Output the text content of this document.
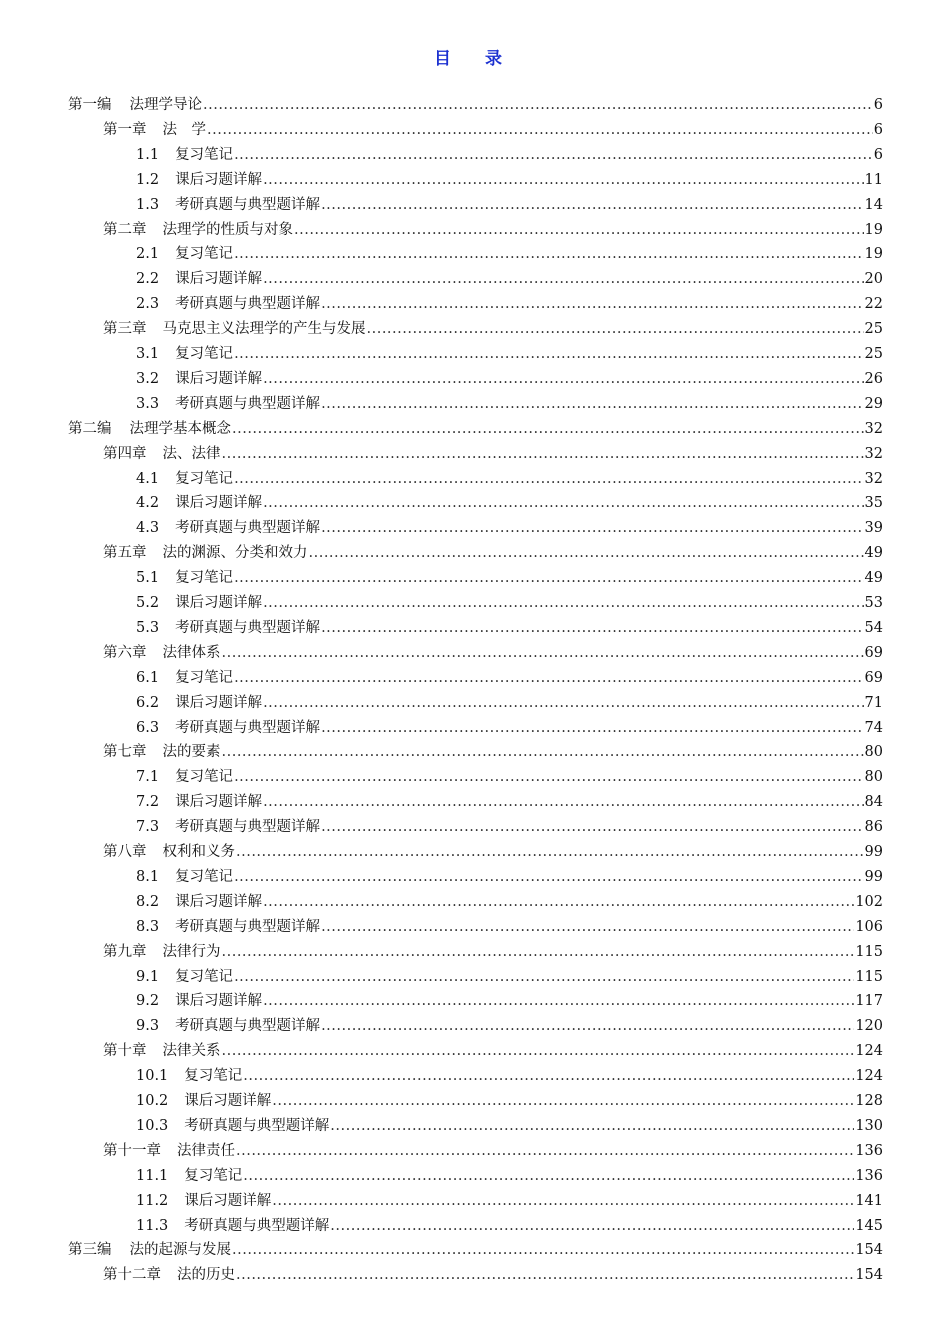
目 录
第一编 法理学导论 .....	6
第一章 法　学 .....	6
1.1 复习笔记 .....	6
1.2 课后习题详解 .....	11
1.3 考研真题与典型题详解 .....	14
第二章 法理学的性质与对象 .....	19
2.1 复习笔记 .....	19
2.2 课后习题详解 .....	20
2.3 考研真题与典型题详解 .....	22
第三章 马克思主义法理学的产生与发展 .....	25
3.1 复习笔记 .....	25
3.2 课后习题详解 .....	26
3.3 考研真题与典型题详解 .....	29
第二编 法理学基本概念 .....	32
第四章 法、法律 .....	32
4.1 复习笔记 .....	32
4.2 课后习题详解 .....	35
4.3 考研真题与典型题详解 .....	39
第五章 法的渊源、分类和效力 .....	49
5.1 复习笔记 .....	49
5.2 课后习题详解 .....	53
5.3 考研真题与典型题详解 .....	54
第六章 法律体系 .....	69
6.1 复习笔记 .....	69
6.2 课后习题详解 .....	71
6.3 考研真题与典型题详解 .....	74
第七章 法的要素 .....	80
7.1 复习笔记 .....	80
7.2 课后习题详解 .....	84
7.3 考研真题与典型题详解 .....	86
第八章 权利和义务 .....	99
8.1 复习笔记 .....	99
8.2 课后习题详解 .....	102
8.3 考研真题与典型题详解 .....	106
第九章 法律行为 .....	115
9.1 复习笔记 .....	115
9.2 课后习题详解 .....	117
9.3 考研真题与典型题详解 .....	120
第十章 法律关系 .....	124
10.1 复习笔记 .....	124
10.2 课后习题详解 .....	128
10.3 考研真题与典型题详解 .....	130
第十一章 法律责任 .....	136
11.1 复习笔记 .....	136
11.2 课后习题详解 .....	141
11.3 考研真题与典型题详解 .....	145
第三编 法的起源与发展 .....	154
第十二章 法的历史 .....	154
